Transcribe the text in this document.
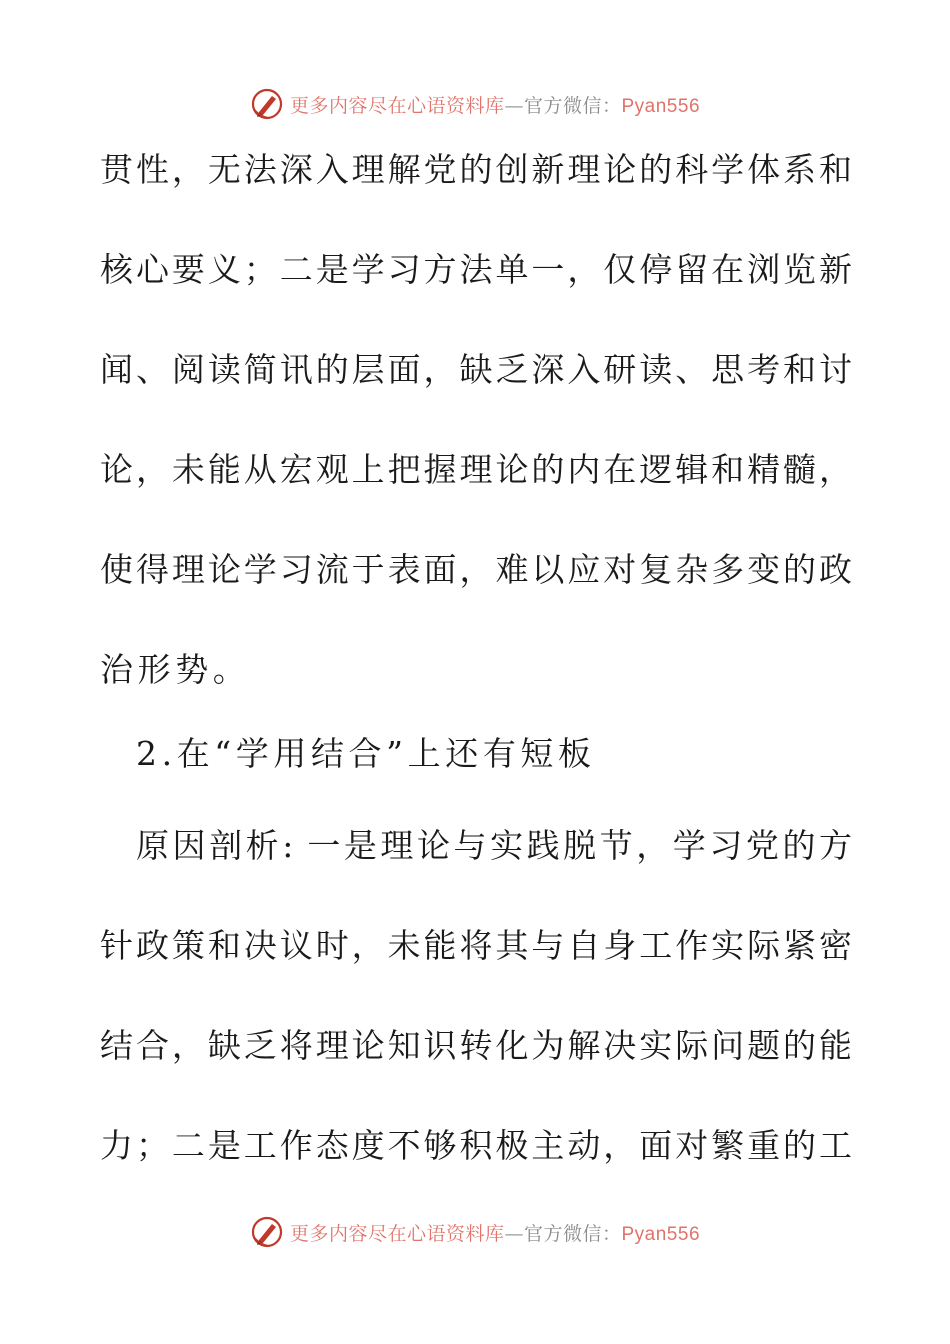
更多内容尽在心语资料库—官方微信：Pyan556
贯性，无法深入理解党的创新理论的科学体系和
核心要义；二是学习方法单一，仅停留在浏览新
闻、阅读简讯的层面，缺乏深入研读、思考和讨
论，未能从宏观上把握理论的内在逻辑和精髓，
使得理论学习流于表面，难以应对复杂多变的政
治形势。
2.在“学用结合”上还有短板
原因剖析: 一是理论与实践脱节，学习党的方
针政策和决议时，未能将其与自身工作实际紧密
结合，缺乏将理论知识转化为解决实际问题的能
力；二是工作态度不够积极主动，面对繁重的工
更多内容尽在心语资料库—官方微信：Pyan556
